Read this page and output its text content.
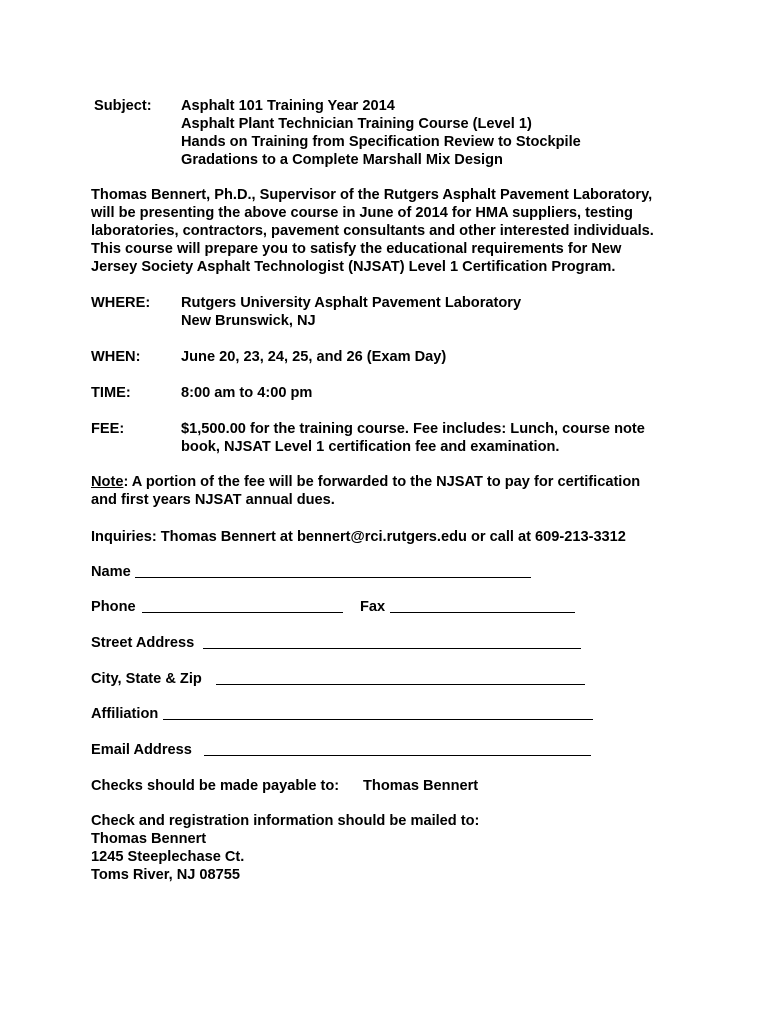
Subject: Asphalt 101 Training Year 2014
Asphalt Plant Technician Training Course (Level 1)
Hands on Training from Specification Review to Stockpile
Gradations to a Complete Marshall Mix Design
Thomas Bennert, Ph.D., Supervisor of the Rutgers Asphalt Pavement Laboratory,
will be presenting the above course in June of 2014 for HMA suppliers, testing
laboratories, contractors, pavement consultants and other interested individuals.
This course will prepare you to satisfy the educational requirements for New
Jersey Society Asphalt Technologist (NJSAT) Level 1 Certification Program.
WHERE: Rutgers University Asphalt Pavement Laboratory
New Brunswick, NJ
WHEN:	June 20, 23, 24, 25, and 26 (Exam Day)
TIME:	8:00 am to 4:00 pm
FEE:	$1,500.00 for the training course. Fee includes: Lunch, course note
book, NJSAT Level 1 certification fee and examination.
Note: A portion of the fee will be forwarded to the NJSAT to pay for certification
and first years NJSAT annual dues.
Inquiries: Thomas Bennert at bennert@rci.rutgers.edu or call at 609-213-3312
Name
Phone	Fax
Street Address
City, State & Zip
Affiliation
Email Address
Checks should be made payable to: Thomas Bennert
Check and registration information should be mailed to:
Thomas Bennert
1245 Steeplechase Ct.
Toms River, NJ 08755
